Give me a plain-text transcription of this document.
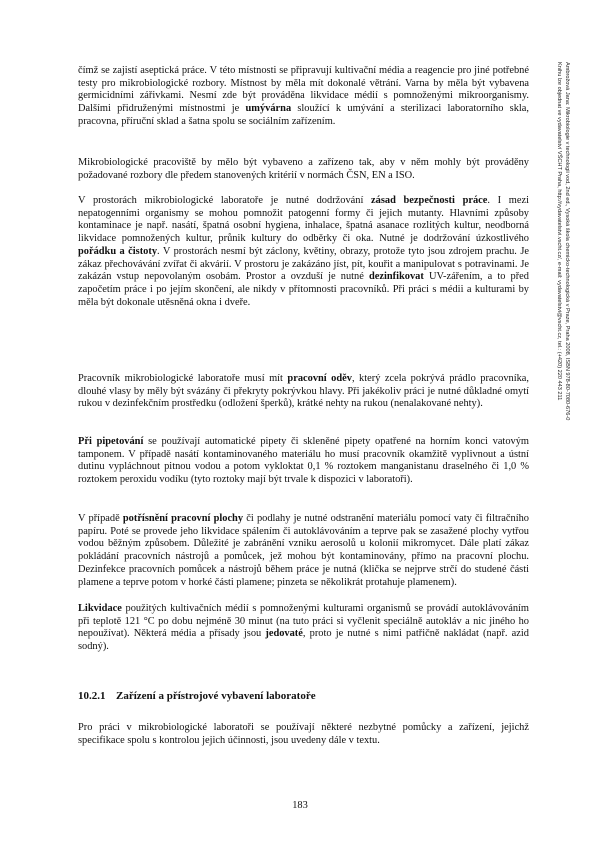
čímž se zajistí aseptická práce. V této místnosti se připravují kultivační média a reagencie pro jiné potřebné testy pro mikrobiologické rozbory. Místnost by měla mít dokonalé větrání. Varna by měla být vybavena germicidními zářivkami. Nesmí zde být prováděna likvidace médií s pomnoženými mikroorganismy. Dalšími přidruženými místnostmi je umývárna sloužící k umývání a sterilizaci laboratorního skla, pracovna, příruční sklad a šatna spolu se sociálním zařízením.

Mikrobiologické pracoviště by mělo být vybaveno a zařízeno tak, aby v něm mohly být prováděny požadované rozbory dle předem stanovených kritérií v normách ČSN, EN a ISO.

V prostorách mikrobiologické laboratoře je nutné dodržování zásad bezpečnosti práce. I mezi nepatogenními organismy se mohou pomnožit patogenní formy či jejich mutanty. Hlavními způsoby kontaminace je např. nasátí, špatná osobní hygiena, inhalace, špatná asanace rozlitých kultur, neodborná likvidace pomnožených kultur, průnik kultury do odběrky či oka. Nutné je dodržování úzkostlivého pořádku a čistoty. V prostorách nesmí být záclony, květiny, obrazy, protože tyto jsou zdrojem prachu. Je zákaz přechovávání zvířat či akvárií. V prostoru je zakázáno jíst, pít, kouřit a manipulovat s potravinami. Je zakázán vstup nepovolaným osobám. Prostor a ovzduší je nutné dezinfikovat UV-zářením, a to před započetím práce i po jejím skončení, ale nikdy v přítomnosti pracovníků. Při práci s médii a kulturami by měla být dokonale utěsněná okna i dveře.

Pracovník mikrobiologické laboratoře musí mít pracovní oděv, který zcela pokrývá prádlo pracovníka, dlouhé vlasy by měly být svázány či překryty pokrývkou hlavy. Při jakékoliv práci je nutné důkladné omytí rukou v dezinfekčním prostředku (odložení šperků), krátké nehty na rukou (nenalakované nehty).

Při pipetování se používají automatické pipety či skleněné pipety opatřené na horním konci vatovým tamponem. V případě nasátí kontaminovaného materiálu ho musí pracovník okamžitě vyplivnout a ústní dutinu vypláchnout pitnou vodou a potom vykloktat 0,1 % roztokem manganistanu draselného či 1,0 % roztokem peroxidu vodíku (tyto roztoky mají být trvale k dispozici v laboratoři).

V případě potřísnění pracovní plochy či podlahy je nutné odstranění materiálu pomocí vaty či filtračního papíru. Poté se provede jeho likvidace spálením či autoklávováním a teprve pak se zasažené plochy vytřou vodou běžným způsobem. Důležité je zabránění vzniku aerosolů u kolonií mikromycet. Dále platí zákaz pokládání pracovních nástrojů a pomůcek, jež mohou být kontaminovány, přímo na pracovní plochu. Dezinfekce pracovních pomůcek a nástrojů během práce je nutná (klička se nejprve strčí do studené části plamene a teprve potom v horké části plamene; pinzeta se několikrát protahuje plamenem).

Likvidace použitých kultivačních médií s pomnoženými kulturami organismů se provádí autoklávováním při teplotě 121 °C po dobu nejméně 30 minut (na tuto práci si vyčlenit speciálně autokláv a nic jiného ho nepoužívat). Některá média a přísady jsou jedovaté, proto je nutné s nimi patřičně nakládat (např. azid sodný).

10.2.1 Zařízení a přístrojové vybavení laboratoře

Pro práci v mikrobiologické laboratoři se používají některé nezbytné pomůcky a zařízení, jejichž specifikace spolu s kontrolou jejich účinnosti, jsou uvedeny dále v textu.

183
Ambrožová Jana: Mikrobiologie v technologii vod, 2nd ed., Vysoká škola chemicko-technologická v Praze, Praha 2008, ISBN 978-80-7080-676-0
Knihu lze objednat ve vydavatelství VŠCHT Praha, http://vydavatelstvi.vscht.cz/, e-mail: vydavatelstvi@vscht.cz, tel.: (+420) 220 443 211
